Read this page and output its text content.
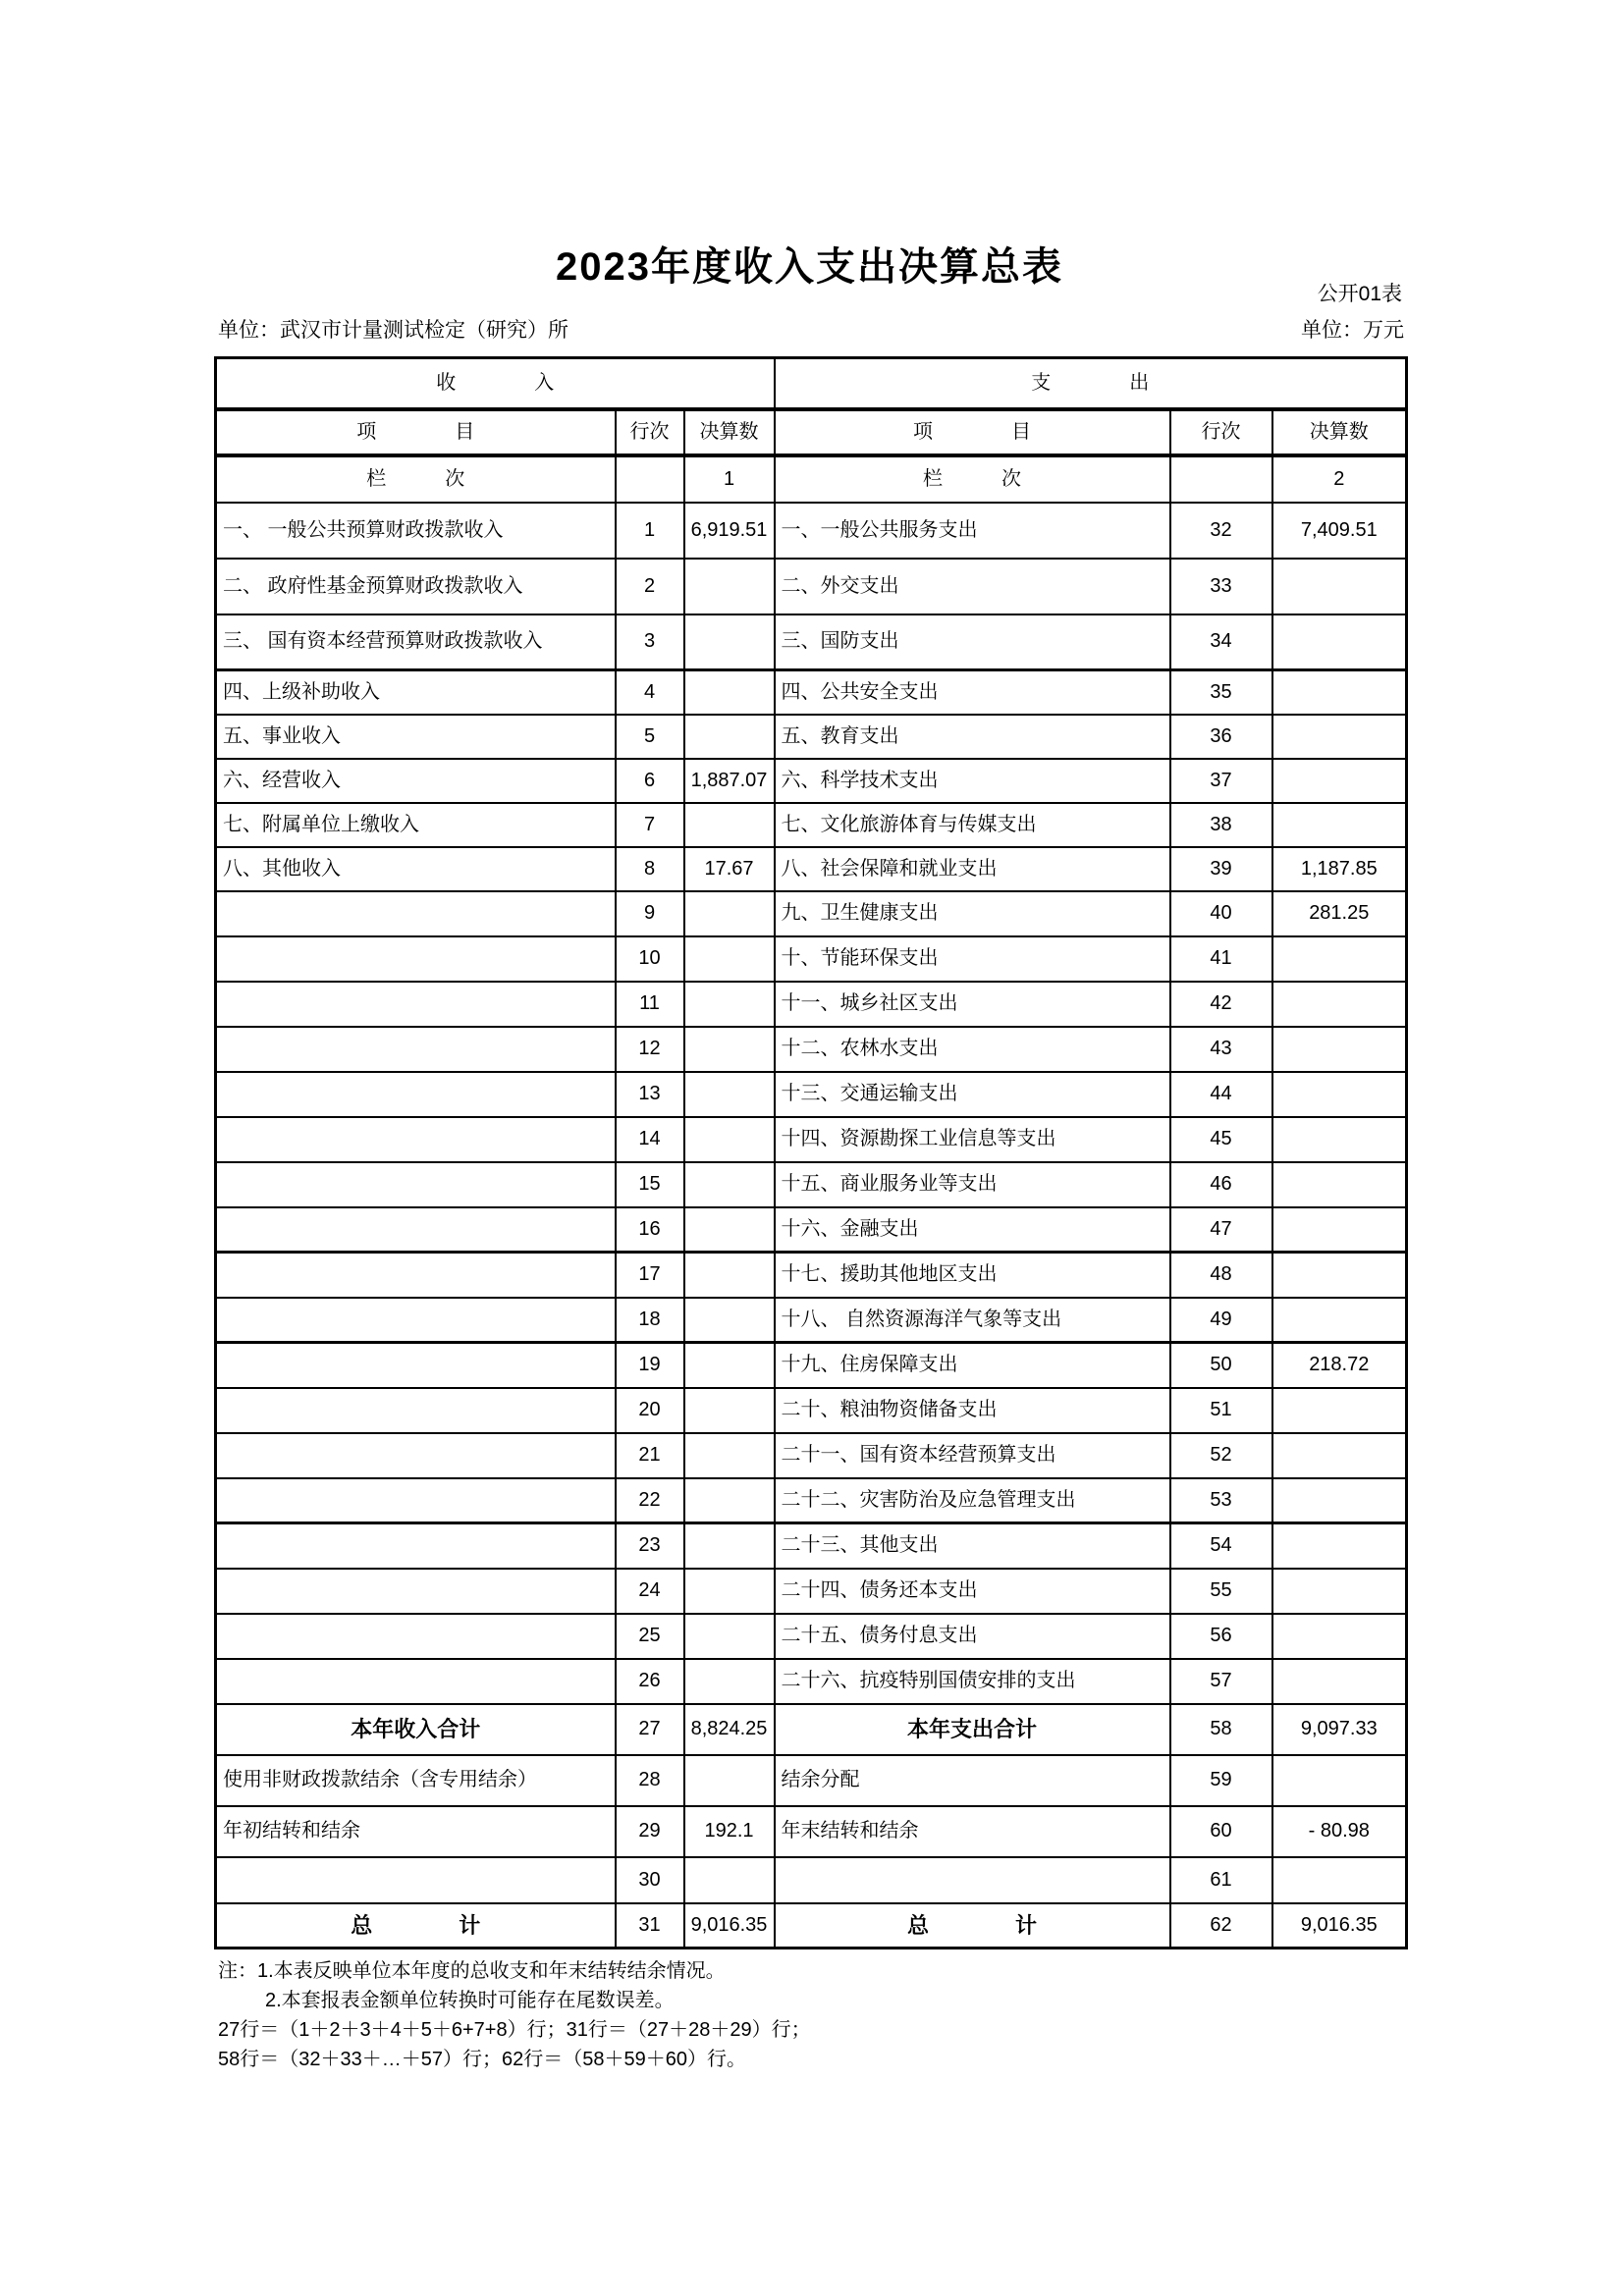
2023年度收入支出决算总表
公开01表
单位：武汉市计量测试检定（研究）所	单位：万元
收　　　　入			支　　　　出		
项　　　　目	行次	决算数	项　　　　目	行次	决算数
栏　　　次		1	栏　　　次		2
一、 一般公共预算财政拨款收入	1	6,919.51	一、一般公共服务支出	32	7,409.51
二、 政府性基金预算财政拨款收入	2		二、外交支出	33	
三、 国有资本经营预算财政拨款收入	3		三、国防支出	34	
四、上级补助收入	4		四、公共安全支出	35	
五、事业收入	5		五、教育支出	36	
六、经营收入	6	1,887.07	六、科学技术支出	37	
七、附属单位上缴收入	7		七、文化旅游体育与传媒支出	38	
八、其他收入	8	17.67	八、社会保障和就业支出	39	1,187.85
	9		九、卫生健康支出	40	281.25
	10		十、节能环保支出	41	
	11		十一、城乡社区支出	42	
	12		十二、农林水支出	43	
	13		十三、交通运输支出	44	
	14		十四、资源勘探工业信息等支出	45	
	15		十五、商业服务业等支出	46	
	16		十六、金融支出	47	
	17		十七、援助其他地区支出	48	
	18		十八、 自然资源海洋气象等支出	49	
	19		十九、住房保障支出	50	218.72
	20		二十、粮油物资储备支出	51	
	21		二十一、国有资本经营预算支出	52	
	22		二十二、灾害防治及应急管理支出	53	
	23		二十三、其他支出	54	
	24		二十四、债务还本支出	55	
	25		二十五、债务付息支出	56	
	26		二十六、抗疫特别国债安排的支出	57	
本年收入合计	27	8,824.25	本年支出合计	58	9,097.33
使用非财政拨款结余（含专用结余）	28		结余分配	59	
年初结转和结余	29	192.1	年末结转和结余	60	- 80.98
	30			61	
总　　　　计	31	9,016.35	总　　　　计	62	9,016.35
注：1.本表反映单位本年度的总收支和年末结转结余情况。
2.本套报表金额单位转换时可能存在尾数误差。
27行＝（1＋2＋3＋4＋5＋6+7+8）行；31行＝（27＋28＋29）行；
58行＝（32＋33＋…＋57）行；62行＝（58＋59＋60）行。
